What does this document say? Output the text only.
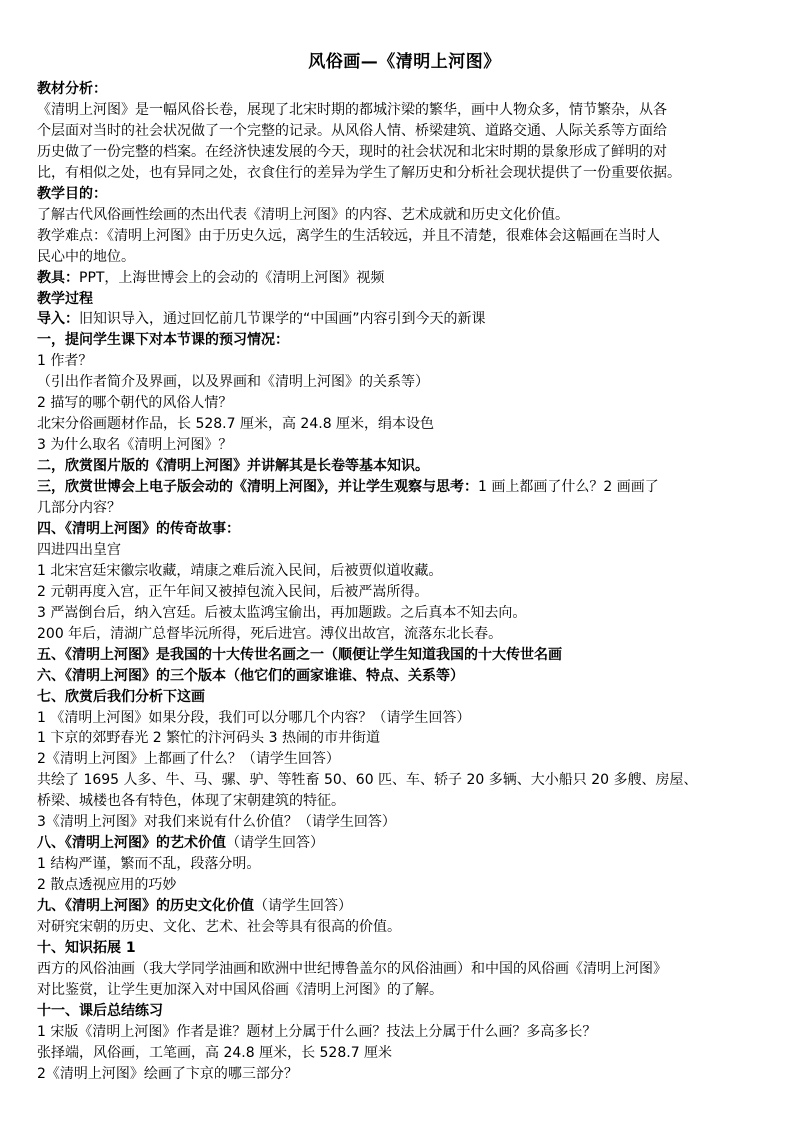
风俗画—《清明上河图》
教材分析：
《清明上河图》是一幅风俗长卷，展现了北宋时期的都城汴梁的繁华，画中人物众多，情节繁杂，从各
个层面对当时的社会状况做了一个完整的记录。从风俗人情、桥梁建筑、道路交通、人际关系等方面给
历史做了一份完整的档案。在经济快速发展的今天，现时的社会状况和北宋时期的景象形成了鲜明的对
比，有相似之处，也有异同之处，衣食住行的差异为学生了解历史和分析社会现状提供了一份重要依据。
教学目的：
了解古代风俗画性绘画的杰出代表《清明上河图》的内容、艺术成就和历史文化价值。
教学难点：《清明上河图》由于历史久远，离学生的生活较远，并且不清楚，很难体会这幅画在当时人
民心中的地位。
教具：PPT，上海世博会上的会动的《清明上河图》视频
教学过程
导入：旧知识导入，通过回忆前几节课学的“中国画”内容引到今天的新课
一，提问学生课下对本节课的预习情况：
1 作者？
（引出作者简介及界画，以及界画和《清明上河图》的关系等）
2 描写的哪个朝代的风俗人情？
北宋分俗画题材作品，长 528.7 厘米，高 24.8 厘米，绢本设色
3 为什么取名《清明上河图》？
二，欣赏图片版的《清明上河图》并讲解其是长卷等基本知识。
三，欣赏世博会上电子版会动的《清明上河图》，并让学生观察与思考：1 画上都画了什么？2 画画了
几部分内容？
四、《清明上河图》的传奇故事：
四进四出皇宫
1 北宋宫廷宋徽宗收藏，靖康之难后流入民间，后被贾似道收藏。
2 元朝再度入宫，正午年间又被掉包流入民间，后被严嵩所得。
3 严嵩倒台后，纳入宫廷。后被太监鸿宝偷出，再加题跋。之后真本不知去向。
200 年后，清湖广总督毕沅所得，死后进宫。溥仪出故宫，流落东北长春。
五、《清明上河图》是我国的十大传世名画之一（顺便让学生知道我国的十大传世名画
六、《清明上河图》的三个版本（他它们的画家谁谁、特点、关系等）
七、欣赏后我们分析下这画
1 《清明上河图》如果分段，我们可以分哪几个内容？（请学生回答）
1 卞京的郊野春光 2 繁忙的汴河码头 3 热闹的市井街道
2《清明上河图》上都画了什么？（请学生回答）
共绘了 1695 人多、牛、马、骡、驴、等牲畜 50、60 匹、车、轿子 20 多辆、大小船只 20 多艘、房屋、
桥梁、城楼也各有特色，体现了宋朝建筑的特征。
3《清明上河图》对我们来说有什么价值？（请学生回答）
八、《清明上河图》的艺术价值（请学生回答）
1 结构严谨，繁而不乱，段落分明。
2 散点透视应用的巧妙
九、《清明上河图》的历史文化价值（请学生回答）
对研究宋朝的历史、文化、艺术、社会等具有很高的价值。
十、知识拓展 1
西方的风俗油画（我大学同学油画和欧洲中世纪博鲁盖尔的风俗油画）和中国的风俗画《清明上河图》
对比鉴赏，让学生更加深入对中国风俗画《清明上河图》的了解。
十一、课后总结练习
1 宋版《清明上河图》作者是谁？题材上分属于什么画？技法上分属于什么画？多高多长？
张择端，风俗画，工笔画，高 24.8 厘米，长 528.7 厘米
2《清明上河图》绘画了卞京的哪三部分？
